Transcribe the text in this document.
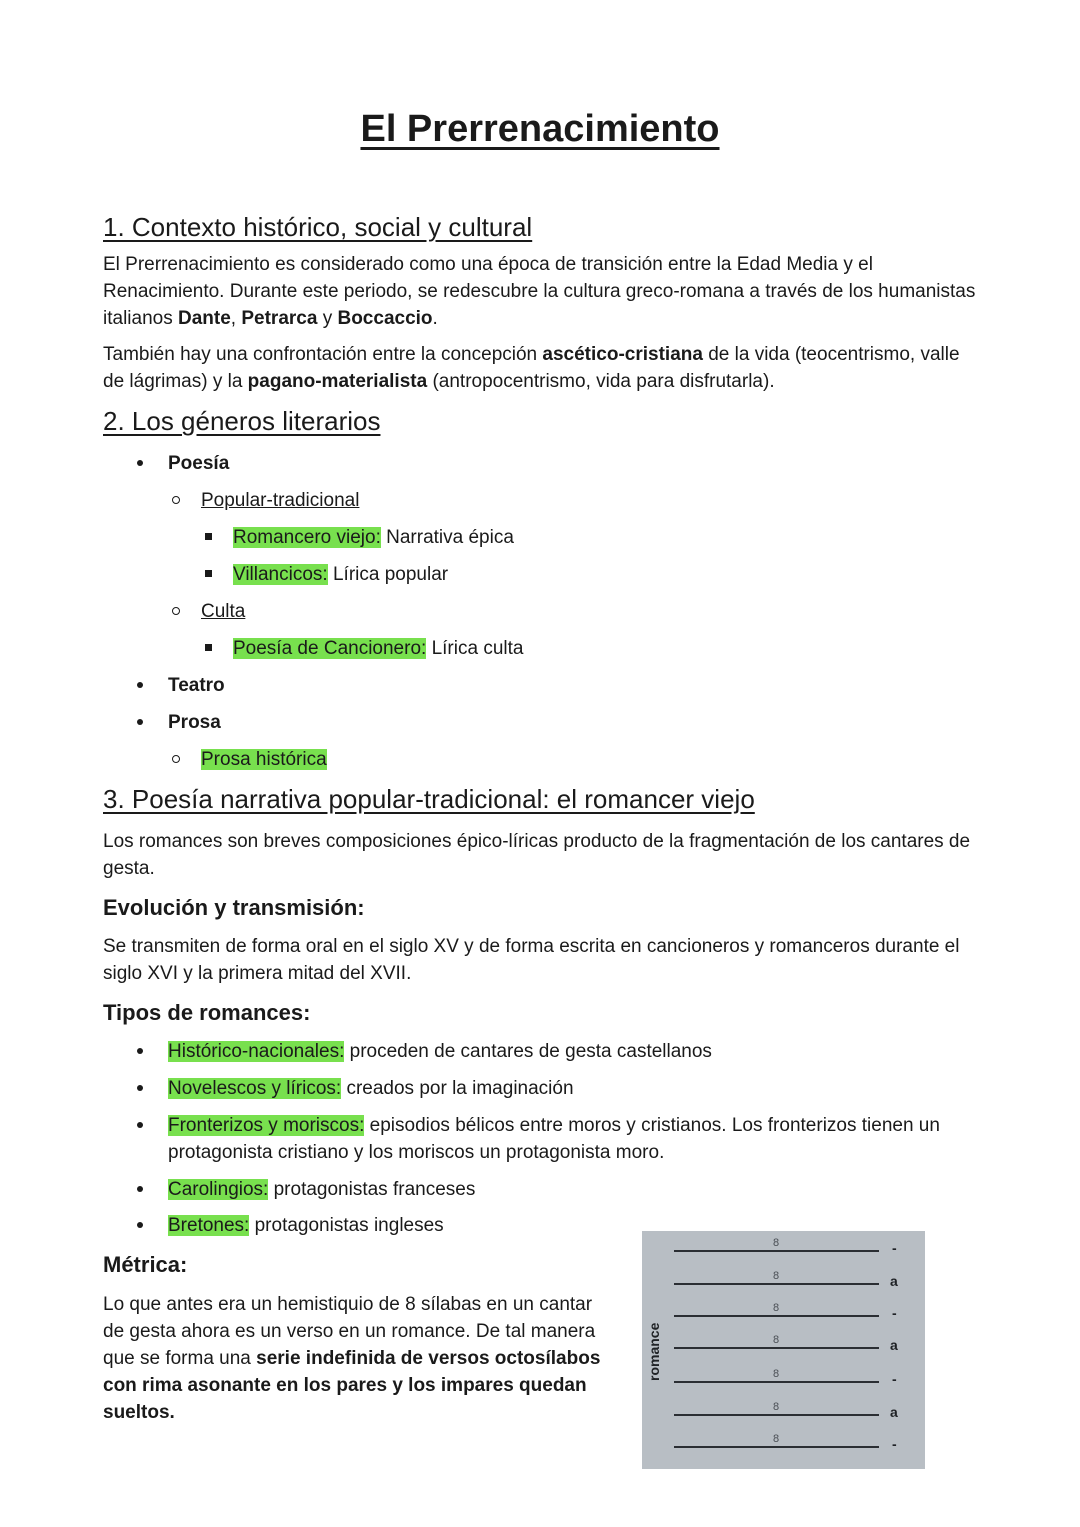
El Prerrenacimiento
1. Contexto histórico, social y cultural
El Prerrenacimiento es considerado como una época de transición entre la Edad Media y el Renacimiento. Durante este periodo, se redescubre la cultura greco-romana a través de los humanistas italianos Dante, Petrarca y Boccaccio.
También hay una confrontación entre la concepción ascético-cristiana de la vida (teocentrismo, valle de lágrimas) y la pagano-materialista (antropocentrismo, vida para disfrutarla).
2. Los géneros literarios
Poesía
Popular-tradicional
Romancero viejo: Narrativa épica
Villancicos: Lírica popular
Culta
Poesía de Cancionero: Lírica culta
Teatro
Prosa
Prosa histórica
3. Poesía narrativa popular-tradicional: el romancer viejo
Los romances son breves composiciones épico-líricas producto de la fragmentación de los cantares de gesta.
Evolución y transmisión:
Se transmiten de forma oral en el siglo XV y de forma escrita en cancioneros y romanceros durante el siglo XVI y la primera mitad del XVII.
Tipos de romances:
Histórico-nacionales: proceden de cantares de gesta castellanos
Novelescos y líricos: creados por la imaginación
Fronterizos y moriscos: episodios bélicos entre moros y cristianos. Los fronterizos tienen un protagonista cristiano y los moriscos un protagonista moro.
Carolingios: protagonistas franceses
Bretones: protagonistas ingleses
Métrica:
Lo que antes era un hemistiquio de 8 sílabas en un cantar de gesta ahora es un verso en un romance. De tal manera que se forma una serie indefinida de versos octosílabos con rima asonante en los pares y los impares quedan sueltos.
romance
8	-
8	a
8	-
8	a
8	-
8	a
8	-
